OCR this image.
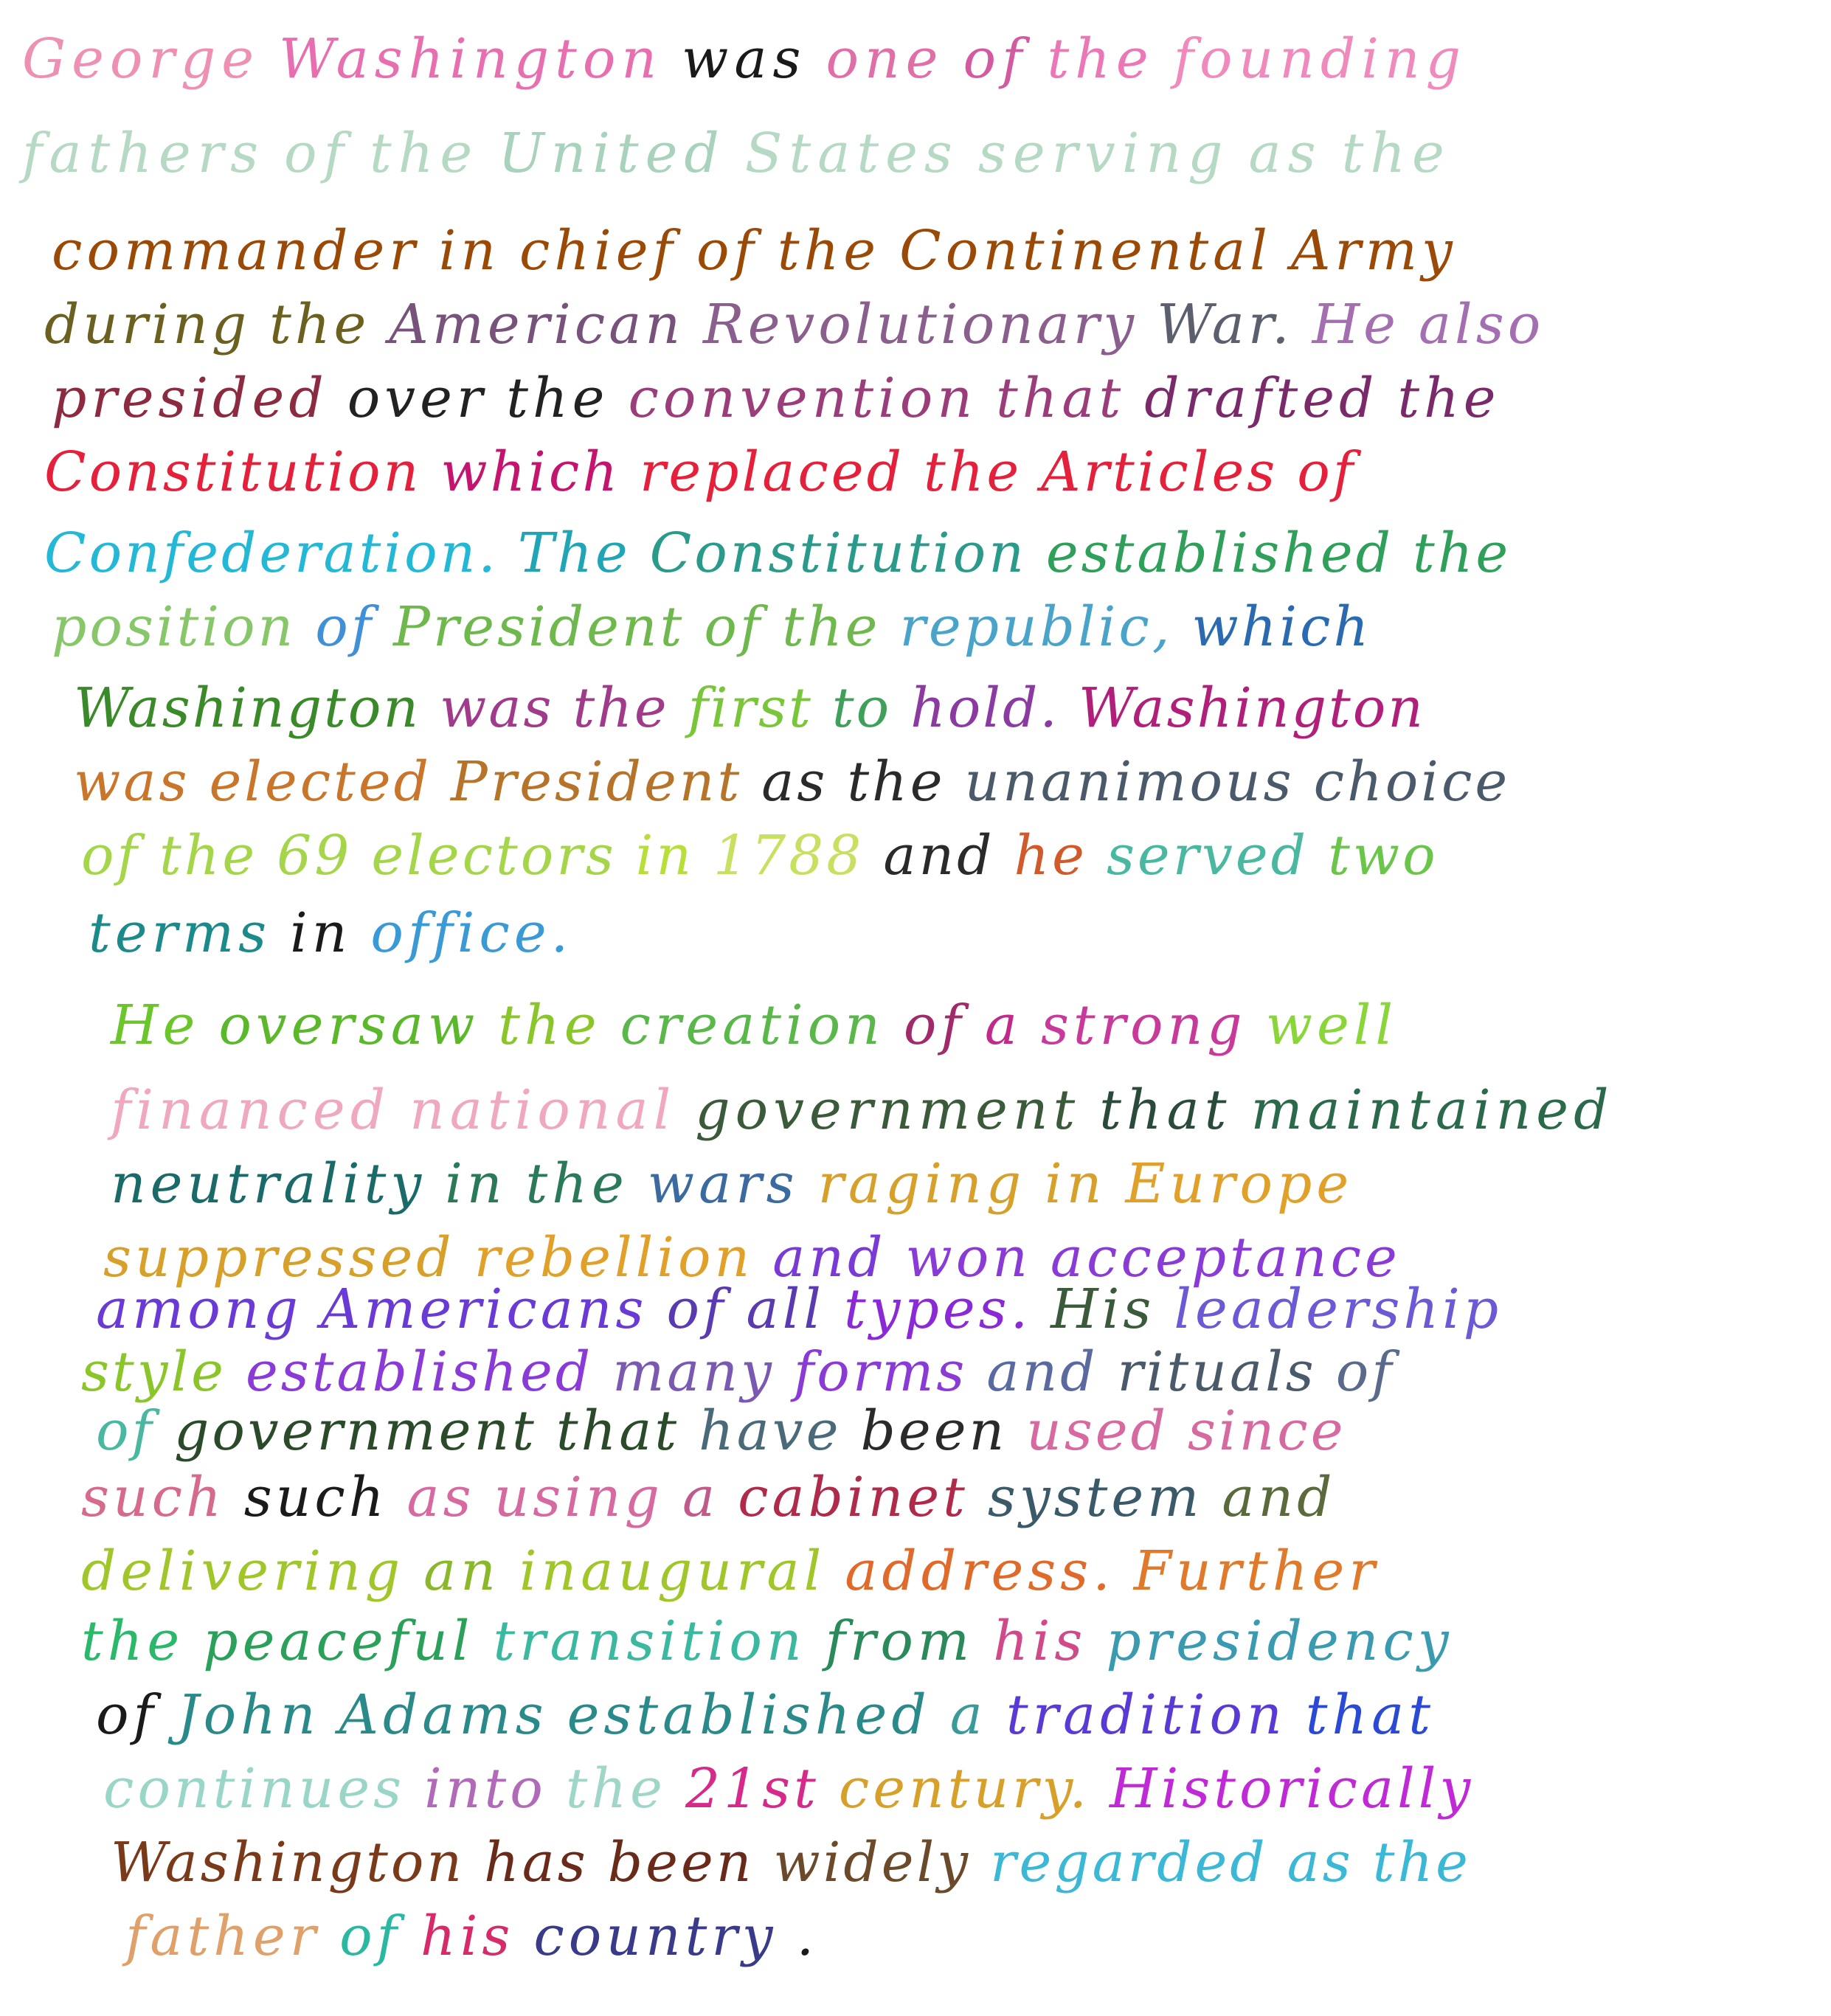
George Washington was one of the founding
fathers of the United States serving as the
commander in chief of the Continental Army
during the American Revolutionary War. He also
presided over the convention that drafted the
Constitution which replaced the Articles of
Confederation. The Constitution established the
position of President of the republic, which
Washington was the first to hold. Washington
was elected President as the unanimous choice
of the 69 electors in 1788 and he served two
terms in office.
He oversaw the creation of a strong well
financed national government that maintained
neutrality in the wars raging in Europe
suppressed rebellion and won acceptance
among Americans of all types. His leadership
style established many forms and rituals of
of government that have been used since
such such as using a cabinet system and
delivering an inaugural address. Further
the peaceful transition from his presidency
of John Adams established a tradition that
continues into the 21st century. Historically
Washington has been widely regarded as the
father of his country .
